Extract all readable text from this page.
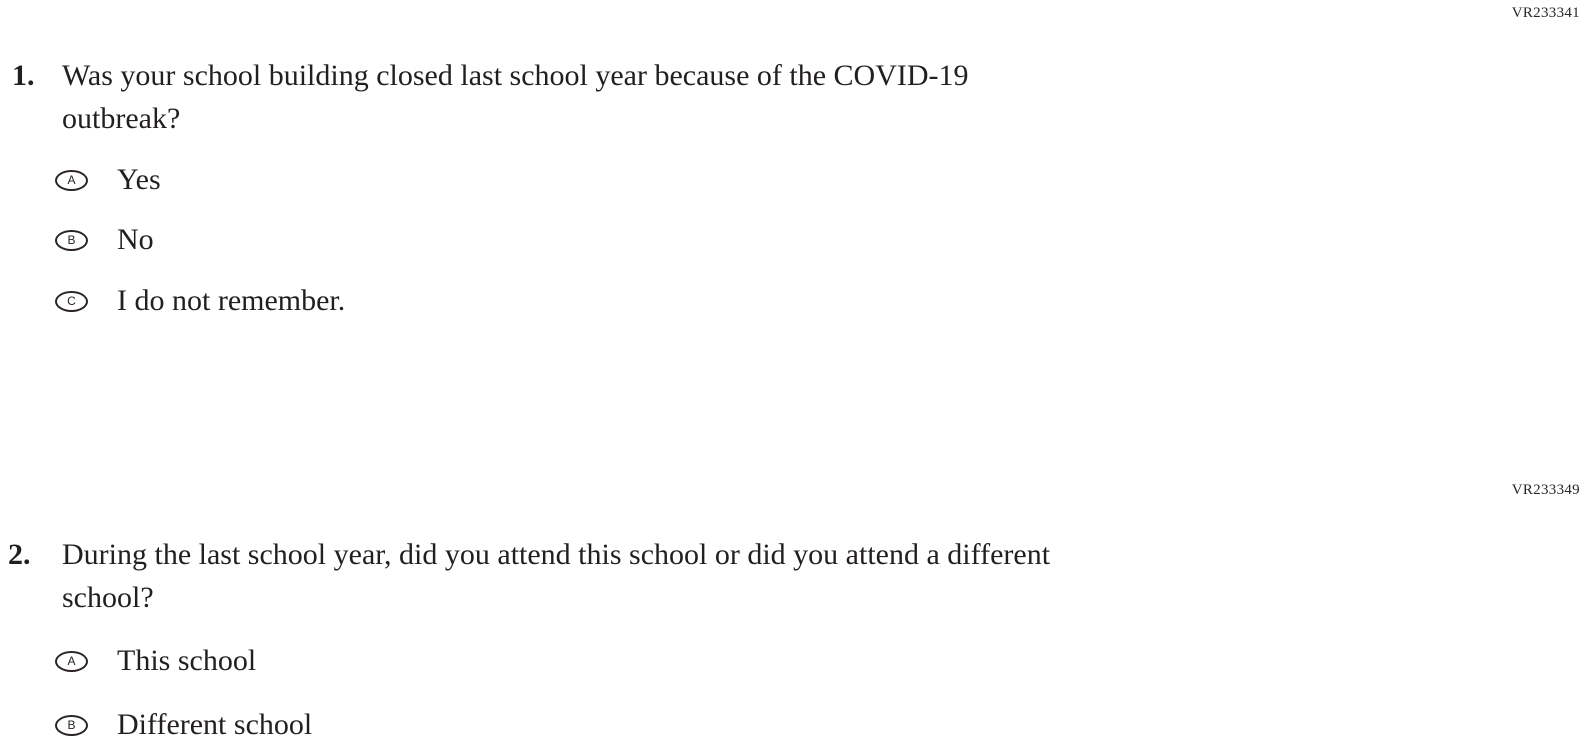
VR233341
1. Was your school building closed last school year because of the COVID-19
outbreak?
A Yes
B No
C I do not remember.
VR233349
2.	During the last school year, did you attend this school or did you attend a different
school?
A This school
B Different school
